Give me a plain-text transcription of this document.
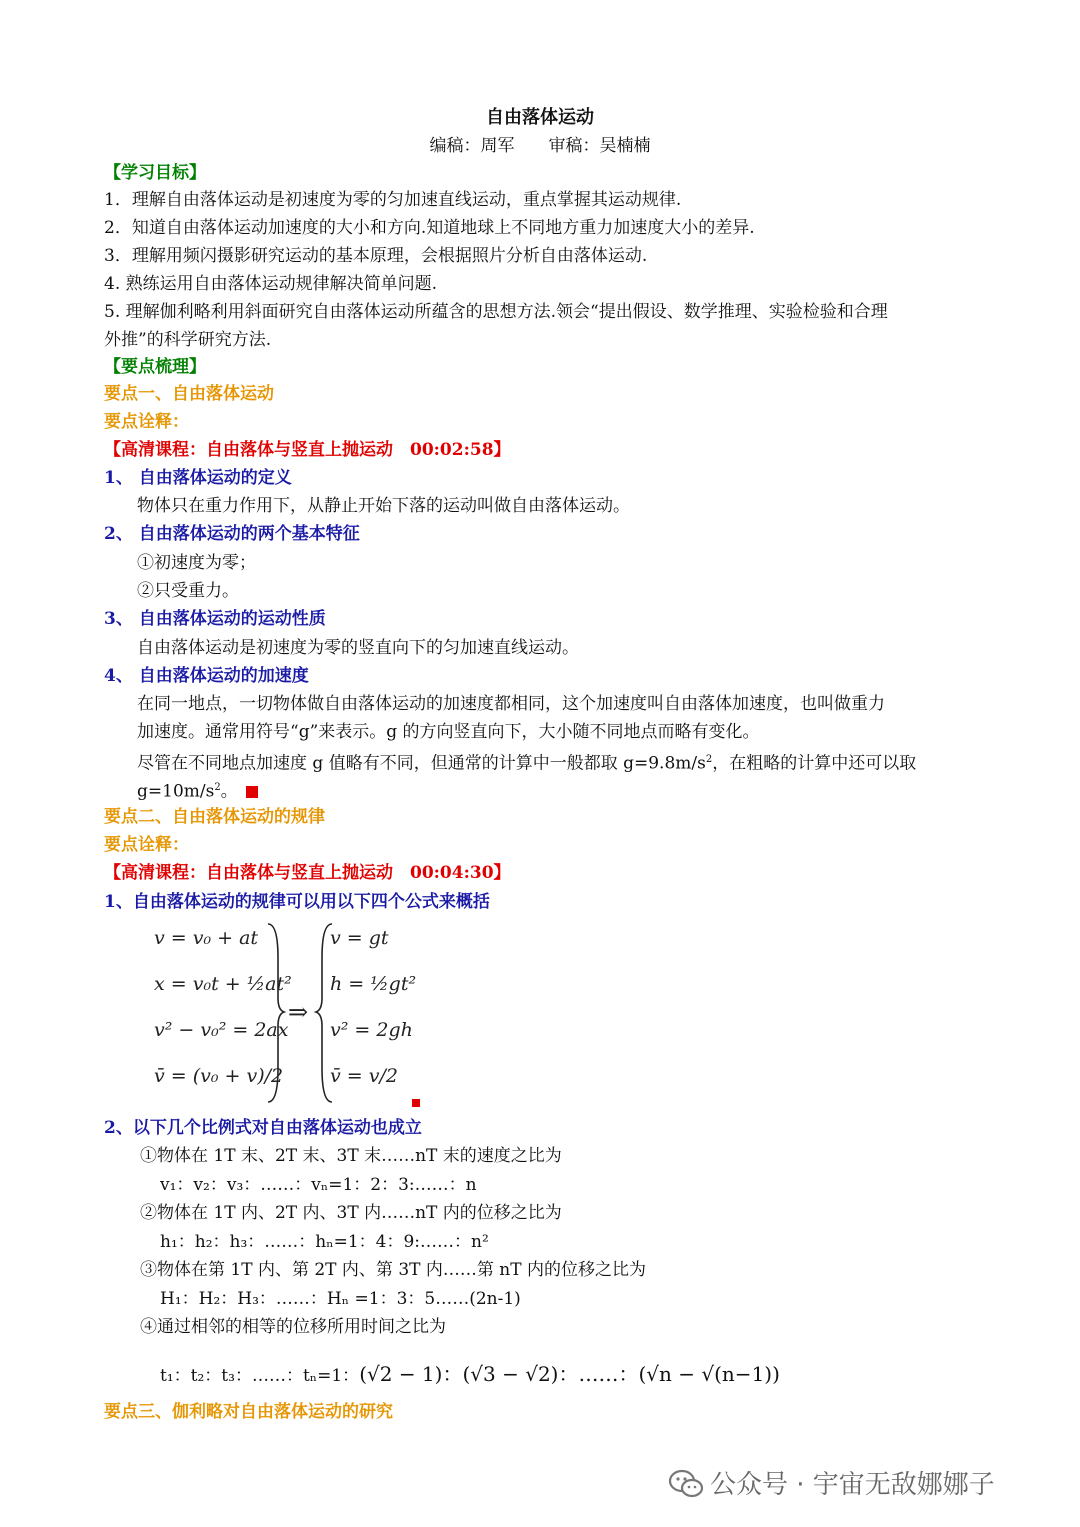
自由落体运动
编稿：周军　　审稿：吴楠楠
【学习目标】
1．理解自由落体运动是初速度为零的匀加速直线运动，重点掌握其运动规律.
2．知道自由落体运动加速度的大小和方向.知道地球上不同地方重力加速度大小的差异.
3．理解用频闪摄影研究运动的基本原理，会根据照片分析自由落体运动.
4. 熟练运用自由落体运动规律解决简单问题.
5. 理解伽利略利用斜面研究自由落体运动所蕴含的思想方法.领会“提出假设、数学推理、实验检验和合理
外推”的科学研究方法.
【要点梳理】
要点一、自由落体运动
要点诠释：
【高清课程：自由落体与竖直上抛运动　00:02:58】
1、 自由落体运动的定义
物体只在重力作用下，从静止开始下落的运动叫做自由落体运动。
2、 自由落体运动的两个基本特征
①初速度为零；
②只受重力。
3、 自由落体运动的运动性质
自由落体运动是初速度为零的竖直向下的匀加速直线运动。
4、 自由落体运动的加速度
在同一地点，一切物体做自由落体运动的加速度都相同，这个加速度叫自由落体加速度，也叫做重力
加速度。通常用符号“g”来表示。g 的方向竖直向下，大小随不同地点而略有变化。
尽管在不同地点加速度 g 值略有不同，但通常的计算中一般都取 $g=9.8m/s^2$，在粗略的计算中还可以取
$g=10m/s^2$。
要点二、自由落体运动的规律
要点诠释：
【高清课程：自由落体与竖直上抛运动　00:04:30】
1、自由落体运动的规律可以用以下四个公式来概括
v = v₀ + at
x = v₀t + ½at²
v² − v₀² = 2ax
v̄ = (v₀ + v)/2
⇒
v = gt
h = ½gt²
v² = 2gh
v̄ = v/2
2、以下几个比例式对自由落体运动也成立
①物体在 1T 末、2T 末、3T 末……nT 末的速度之比为
v₁：v₂：v₃：……：vₙ=1：2：3:……：n
②物体在 1T 内、2T 内、3T 内……nT 内的位移之比为
h₁：h₂：h₃：……：hₙ=1：4：9:……：n²
③物体在第 1T 内、第 2T 内、第 3T 内……第 nT 内的位移之比为
H₁：H₂：H₃：……：Hₙ =1：3：5……(2n-1)
④通过相邻的相等的位移所用时间之比为
t₁：t₂：t₃：……：tₙ=1：(√2 − 1)：(√3 − √2)：……：(√n − √(n−1))
要点三、伽利略对自由落体运动的研究
公众号 · 宇宙无敌娜娜子
